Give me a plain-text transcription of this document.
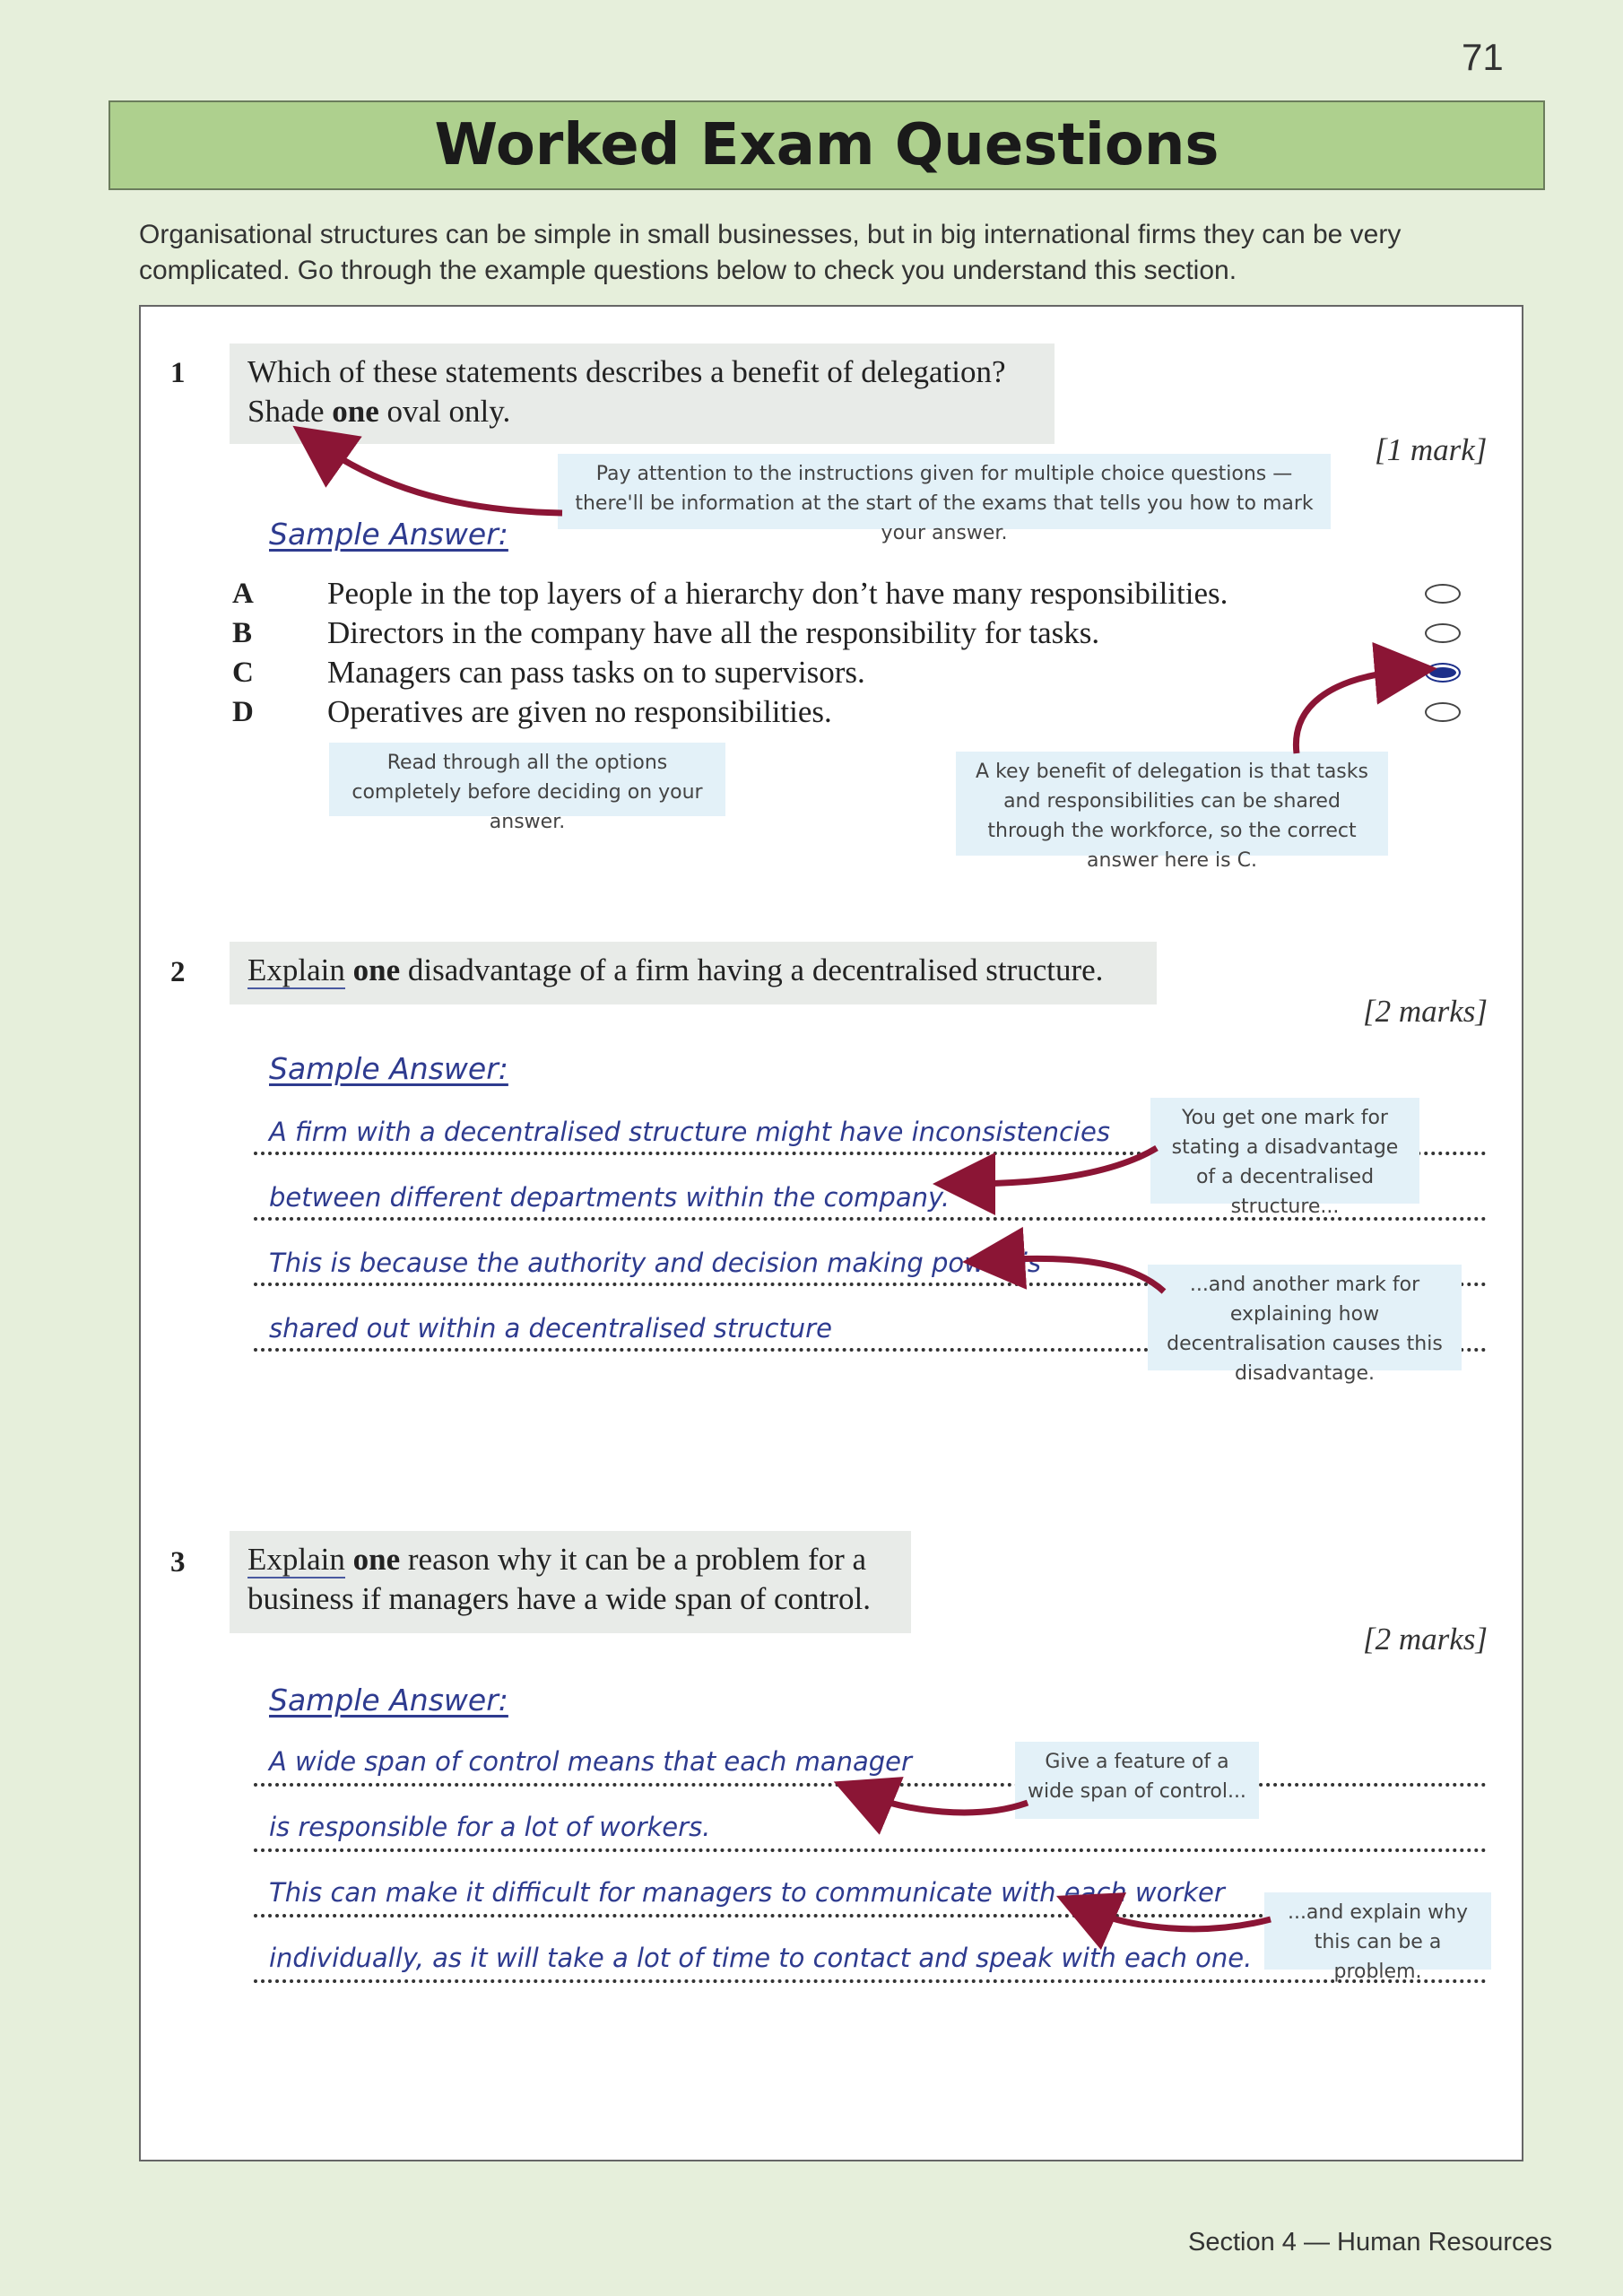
71
Worked Exam Questions
Organisational structures can be simple in small businesses, but in big international firms they can be very complicated. Go through the example questions below to check you understand this section.
1 Which of these statements describes a benefit of delegation?
Shade one oval only.
[1 mark]
Pay attention to the instructions given for multiple choice questions — there'll be information at the start of the exams that tells you how to mark your answer.
Sample Answer:
A People in the top layers of a hierarchy don’t have many responsibilities.
B Directors in the company have all the responsibility for tasks.
C Managers can pass tasks on to supervisors.
D Operatives are given no responsibilities.
Read through all the options completely before deciding on your answer.
A key benefit of delegation is that tasks and responsibilities can be shared through the workforce, so the correct answer here is C.
2	Explain one disadvantage of a firm having a decentralised structure.
[2 marks]
Sample Answer:
A firm with a decentralised structure might have inconsistencies
between different departments within the company.
This is because the authority and decision making power is
shared out within a decentralised structure
You get one mark for stating a disadvantage of a decentralised structure...
...and another mark for explaining how decentralisation causes this disadvantage.
3 Explain one reason why it can be a problem for a
business if managers have a wide span of control.
[2 marks]
Sample Answer:
A wide span of control means that each manager
is responsible for a lot of workers.
This can make it difficult for managers to communicate with each worker
individually, as it will take a lot of time to contact and speak with each one.
Give a feature of a wide span of control...
...and explain why this can be a problem.
Section 4 — Human Resources
